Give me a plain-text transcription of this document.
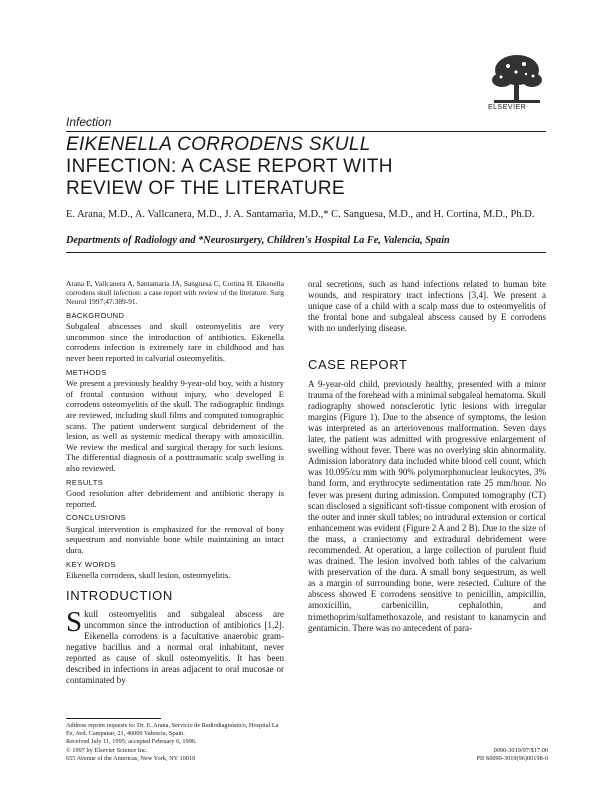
ELSEVIER
Infection
EIKENELLA CORRODENS SKULL
INFECTION: A CASE REPORT WITH
REVIEW OF THE LITERATURE
E. Arana, M.D., A. Vallcanera, M.D., J. A. Santamaria, M.D.,* C. Sanguesa, M.D., and H. Cortina, M.D., Ph.D.
Departments of Radiology and *Neurosurgery, Children's Hospital La Fe, Valencia, Spain

Arana E, Vallcanera A, Santamaria JA, Sanguesa C, Cortina H. Eikenella corrodens skull infection: a case report with review of the literature. Surg Neurol 1997;47:389-91.

BACKGROUND

Subgaleal abscesses and skull osteomyelitis are very uncommon since the introduction of antibiotics. Eikenella corrodens infection is extremely rare in childhood and has never been reported in calvarial osteomyelitis.

METHODS

We present a previously healthy 9-year-old boy, with a history of frontal contusion without injury, who developed E corrodens osteomyelitis of the skull. The radiographic findings are reviewed, including skull films and computed tomographic scans. The patient underwent surgical debridement of the lesion, as well as systemic medical therapy with amoxicillin. We review the medical and surgical therapy for such lesions. The differential diagnosis of a posttraumatic scalp swelling is also reviewed.

RESULTS

Good resolution after debridement and antibiotic therapy is reported.

CONCLUSIONS

Surgical intervention is emphasized for the removal of bony sequestrum and nonviable bone while maintaining an intact dura.

KEY WORDS

Eikenella corrodens, skull lesion, osteomyelitis.

INTRODUCTION

Skull osteomyelitis and subgaleal abscess are uncommon since the introduction of antibiotics [1,2]. Eikenella corrodens is a facultative anaerobic gram-negative bacillus and a normal oral inhabitant, never reported as cause of skull osteomyelitis. It has been described in infections in areas adjacent to oral mucosae or contaminated by

oral secretions, such as hand infections related to human bite wounds, and respiratory tract infections [3,4]. We present a unique case of a child with a scalp mass due to osteomyelitis of the frontal bone and subgaleal abscess caused by E corrodens with no underlying disease.

CASE REPORT

A 9-year-old child, previously healthy, presented with a minor trauma of the forehead with a minimal subgaleal hematoma. Skull radiography showed nonsclerotic lytic lesions with irregular margins (Figure 1). Due to the absence of symptoms, the lesion was interpreted as an arteriovenous malformation. Seven days later, the patient was admitted with progressive enlargement of swelling without fever. There was no overlying skin abnormality. Admission laboratory data included white blood cell count, which was 10.095/cu mm with 90% polymorphonuclear leukocytes, 3% band form, and erythrocyte sedimentation rate 25 mm/hour. No fever was present during admission. Computed tomography (CT) scan disclosed a significant soft-tissue component with erosion of the outer and inner skull tables; no intradural extension or cortical enhancement was evident (Figure 2 A and 2 B). Due to the size of the mass, a craniectomy and extradural debridement were recommended. At operation, a large collection of purulent fluid was drained. The lesion involved both tables of the calvarium with preservation of the dura. A small bony sequestrum, as well as a margin of surrounding bone, were resected. Culture of the abscess showed E corrodens sensitive to penicillin, ampicillin, amoxicillin, carbenicillin, cephalothin, and trimethoprim/sulfamethoxazole, and resistant to kanamycin and gentamicin. There was no antecedent of para-

Address reprint requests to: Dr. E. Arana, Servicio de Radiodiagnóstico, Hospital La Fe, Avd. Campanar, 21, 46009 Valencia, Spain.
Received July 11, 1995; accepted February 6, 1996.
© 1997 by Elsevier Science Inc.
655 Avenue of the Americas, New York, NY 10010
0090-3019/97/$17.00
PII S0090-3019(96)00198-0
